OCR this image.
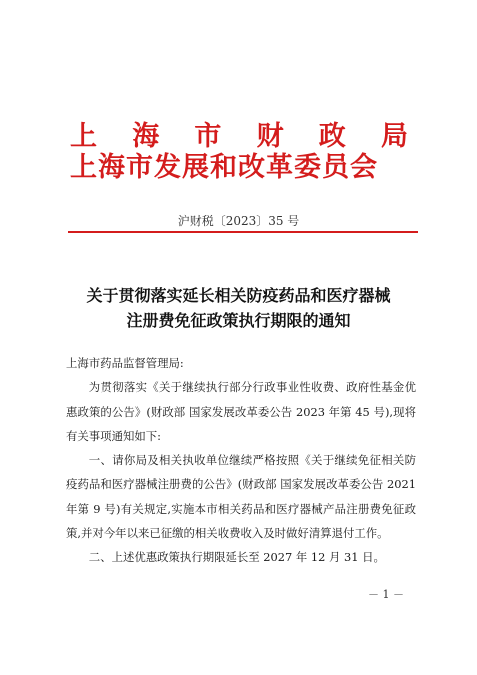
上 海 市 财 政 局
上海市发展和改革委员会
沪财税〔2023〕35 号
关于贯彻落实延长相关防疫药品和医疗器械
注册费免征政策执行期限的通知

上海市药品监督管理局:

为贯彻落实《关于继续执行部分行政事业性收费、政府性基金优惠政策的公告》(财政部 国家发展改革委公告 2023 年第 45 号),现将有关事项通知如下:

一、请你局及相关执收单位继续严格按照《关于继续免征相关防疫药品和医疗器械注册费的公告》(财政部 国家发展改革委公告 2021 年第 9 号)有关规定,实施本市相关药品和医疗器械产品注册费免征政策,并对今年以来已征缴的相关收费收入及时做好清算退付工作。

二、上述优惠政策执行期限延长至 2027 年 12 月 31 日。

－ 1 －
